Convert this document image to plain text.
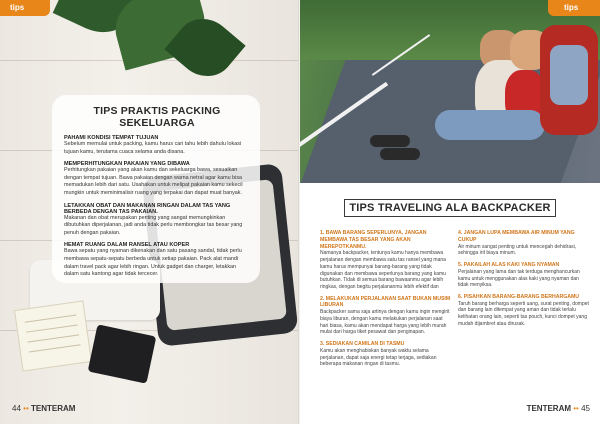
tips
TIPS PRAKTIS PACKING SEKELUARGA
PAHAMI KONDISI TEMPAT TUJUAN
Sebelum memulai untuk packing, kamu harus cari tahu lebih dahulu lokasi tujuan kamu, terutama cuaca selama anda disana.
MEMPERHITUNGKAN PAKAIAN YANG DIBAWA
Perhitungkan pakaian yang akan kamu dan sekeluarga bawa, sesuaikan dengan tempat tujuan. Bawa pakaian dengan warna netral agar kamu bisa memadukan lebih dari satu. Usahakan untuk melipat pakaian kamu sekecil mungkin untuk meminimalisir ruang yang terpakai dan dapat muat banyak.
LETAKKAN OBAT DAN MAKANAN RINGAN DALAM TAS YANG BERBEDA DENGAN TAS PAKAIAN.
Makanan dan obat merupakan penting yang sangat memungkinkan dibutuhkan diperjalanan, jadi anda tidak perlu membongkar tas besar yang penuh dengan pakaian.
HEMAT RUANG DALAM RANSEL ATAU KOPER
Bawa sepatu yang nyaman dikenakan dan satu pasang sandal, tidak perlu membawa sepatu-sepatu berbeda untuk setiap pakaian. Pack alat mandi dalam travel pack agar lebih ringan. Untuk gadget dan charger, letakkan dalam satu kantong agar tidak tercecer.
44 •• TENTERAM
tips
TIPS TRAVELING ALA BACKPACKER
1. BAWA BARANG SEPERLUNYA, JANGAN MEMBAWA TAS BESAR YANG AKAN MEREPOTKANMU.
Namanya backpacker, tentunya kamu hanya membawa perjalanan dengan membawa satu tas ransel yang mana kamu harus mempunyai barang-barang yang tidak digunakan dan membawa seperlunya barang yang kamu butuhkan. Tidak di semua barang bawaanmu agar lebih ringkas, dengan begitu perjalananmu lebih efektif dan
2. MELAKUKAN PERJALANAN SAAT BUKAN MUSIM LIBURAN
Backpacker sama saja artinya dengan kamu ingin mengirit biaya liburan, dengan kamu melakukan perjalanan saat hari biasa, kamu akan mendapat harga yang lebih murah mulai dari harga tiket pesawat dan penginapan.
3. SEDIAKAN CAMILAN DI TASMU
Kamu akan menghabiskan banyak waktu selama perjalanan, dapat saja energi tetap terjaga, sediakan beberapa makanan ringan di tasmu.
4. JANGAN LUPA MEMBAWA AIR MINUM YANG CUKUP
Air minum sangat penting untuk mencegah dehidrasi, sehingga irit biaya minum.
5. PAKAILAH ALAS KAKI YANG NYAMAN
Perjalanan yang lama dan tak terduga menghancurkan kamu untuk menggunakan alas kaki yang nyaman dan tidak menyiksa.
6. PISAHKAN BARANG-BARANG BERHARGAMU
Taruh barang berharga seperti uang, surat penting, dompet dan barang lain ditempat yang aman dan tidak terlalu kelihatan orang lain, seperti tas pouch, kunci dompet yang mudah dijambret atau dirusak.
TENTERAM •• 45
